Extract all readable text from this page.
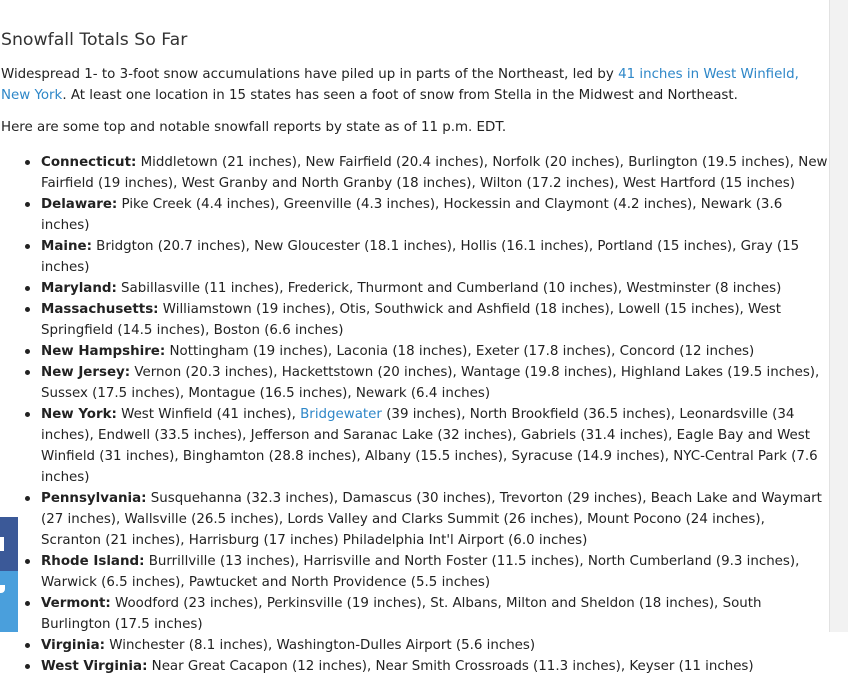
Snowfall Totals So Far

Widespread 1- to 3-foot snow accumulations have piled up in parts of the Northeast, led by 41 inches in West Winfield, New York. At least one location in 15 states has seen a foot of snow from Stella in the Midwest and Northeast.

Here are some top and notable snowfall reports by state as of 11 p.m. EDT.

Connecticut: Middletown (21 inches), New Fairfield (20.4 inches), Norfolk (20 inches), Burlington (19.5 inches), New Fairfield (19 inches), West Granby and North Granby (18 inches), Wilton (17.2 inches), West Hartford (15 inches)
Delaware: Pike Creek (4.4 inches), Greenville (4.3 inches), Hockessin and Claymont (4.2 inches), Newark (3.6 inches)
Maine: Bridgton (20.7 inches), New Gloucester (18.1 inches), Hollis (16.1 inches), Portland (15 inches), Gray (15 inches)
Maryland: Sabillasville (11 inches), Frederick, Thurmont and Cumberland (10 inches), Westminster (8 inches)
Massachusetts: Williamstown (19 inches), Otis, Southwick and Ashfield (18 inches), Lowell (15 inches), West Springfield (14.5 inches), Boston (6.6 inches)
New Hampshire: Nottingham (19 inches), Laconia (18 inches), Exeter (17.8 inches), Concord (12 inches)
New Jersey: Vernon (20.3 inches), Hackettstown (20 inches), Wantage (19.8 inches), Highland Lakes (19.5 inches), Sussex (17.5 inches), Montague (16.5 inches), Newark (6.4 inches)
New York: West Winfield (41 inches), Bridgewater (39 inches), North Brookfield (36.5 inches), Leonardsville (34 inches), Endwell (33.5 inches), Jefferson and Saranac Lake (32 inches), Gabriels (31.4 inches), Eagle Bay and West Winfield (31 inches), Binghamton (28.8 inches), Albany (15.5 inches), Syracuse (14.9 inches), NYC-Central Park (7.6 inches)
Pennsylvania: Susquehanna (32.3 inches), Damascus (30 inches), Trevorton (29 inches), Beach Lake and Waymart (27 inches), Wallsville (26.5 inches), Lords Valley and Clarks Summit (26 inches), Mount Pocono (24 inches), Scranton (21 inches), Harrisburg (17 inches) Philadelphia Int'l Airport (6.0 inches)
Rhode Island: Burrillville (13 inches), Harrisville and North Foster (11.5 inches), North Cumberland (9.3 inches), Warwick (6.5 inches), Pawtucket and North Providence (5.5 inches)
Vermont: Woodford (23 inches), Perkinsville (19 inches), St. Albans, Milton and Sheldon (18 inches), South Burlington (17.5 inches)
Virginia: Winchester (8.1 inches), Washington-Dulles Airport (5.6 inches)
West Virginia: Near Great Cacapon (12 inches), Near Smith Crossroads (11.3 inches), Keyser (11 inches)
